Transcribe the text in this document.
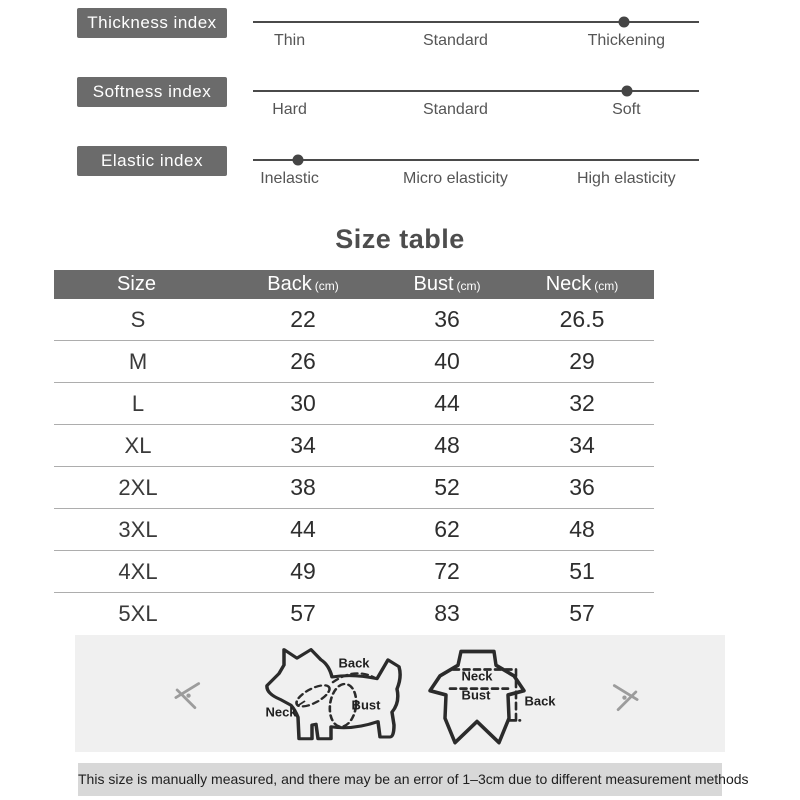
Thickness index
Thin	Standard	Thickening
Softness index
Hard	Standard	Soft
Elastic index
Inelastic	Micro elasticity	High elasticity
Size table
Size	Back (cm)	Bust (cm)	Neck (cm)
S	22	36	26.5
M	26	40	29
L	30	44	32
XL	34	48	34
2XL	38	52	36
3XL	44	62	48
4XL	49	72	51
5XL	57	83	57
Back
Neck	Bust
Neck
Bust	Back
This size is manually measured, and there may be an error of 1–3cm due to different measurement methods
